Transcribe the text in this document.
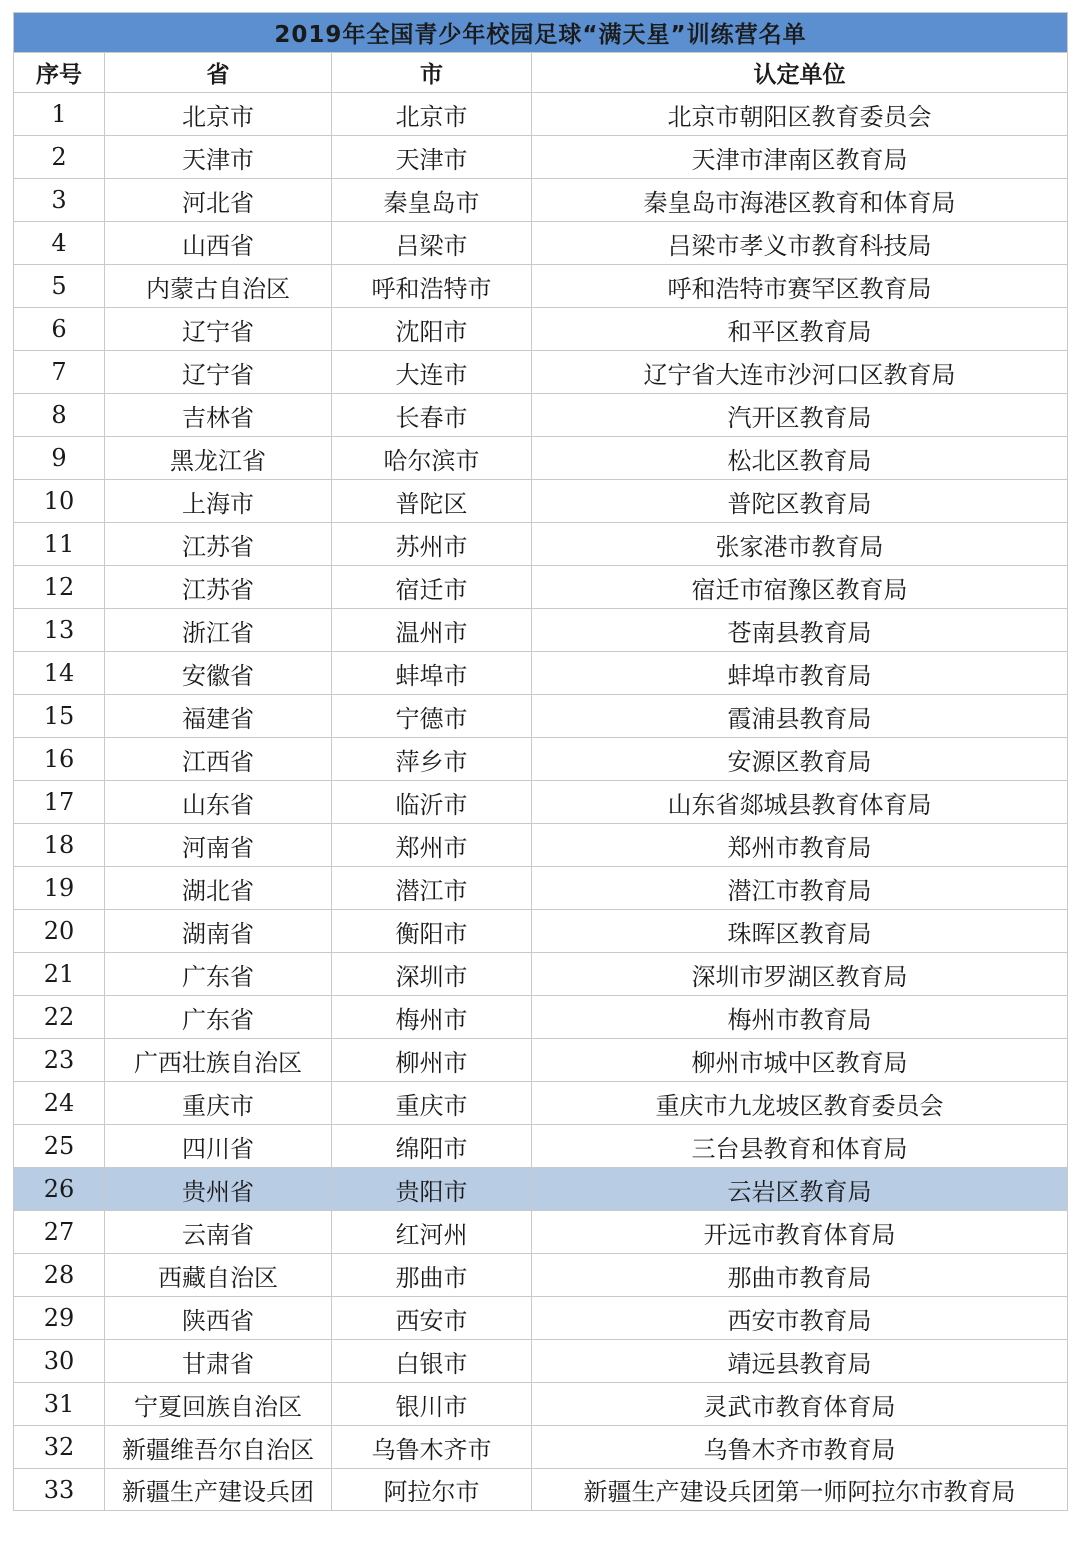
2019年全国青少年校园足球“满天星”训练营名单			
序号	省	市	认定单位
1	北京市	北京市	北京市朝阳区教育委员会
2	天津市	天津市	天津市津南区教育局
3	河北省	秦皇岛市	秦皇岛市海港区教育和体育局
4	山西省	吕梁市	吕梁市孝义市教育科技局
5	内蒙古自治区	呼和浩特市	呼和浩特市赛罕区教育局
6	辽宁省	沈阳市	和平区教育局
7	辽宁省	大连市	辽宁省大连市沙河口区教育局
8	吉林省	长春市	汽开区教育局
9	黑龙江省	哈尔滨市	松北区教育局
10	上海市	普陀区	普陀区教育局
11	江苏省	苏州市	张家港市教育局
12	江苏省	宿迁市	宿迁市宿豫区教育局
13	浙江省	温州市	苍南县教育局
14	安徽省	蚌埠市	蚌埠市教育局
15	福建省	宁德市	霞浦县教育局
16	江西省	萍乡市	安源区教育局
17	山东省	临沂市	山东省郯城县教育体育局
18	河南省	郑州市	郑州市教育局
19	湖北省	潜江市	潜江市教育局
20	湖南省	衡阳市	珠晖区教育局
21	广东省	深圳市	深圳市罗湖区教育局
22	广东省	梅州市	梅州市教育局
23	广西壮族自治区	柳州市	柳州市城中区教育局
24	重庆市	重庆市	重庆市九龙坡区教育委员会
25	四川省	绵阳市	三台县教育和体育局
26	贵州省	贵阳市	云岩区教育局
27	云南省	红河州	开远市教育体育局
28	西藏自治区	那曲市	那曲市教育局
29	陕西省	西安市	西安市教育局
30	甘肃省	白银市	靖远县教育局
31	宁夏回族自治区	银川市	灵武市教育体育局
32	新疆维吾尔自治区	乌鲁木齐市	乌鲁木齐市教育局
33	新疆生产建设兵团	阿拉尔市	新疆生产建设兵团第一师阿拉尔市教育局
